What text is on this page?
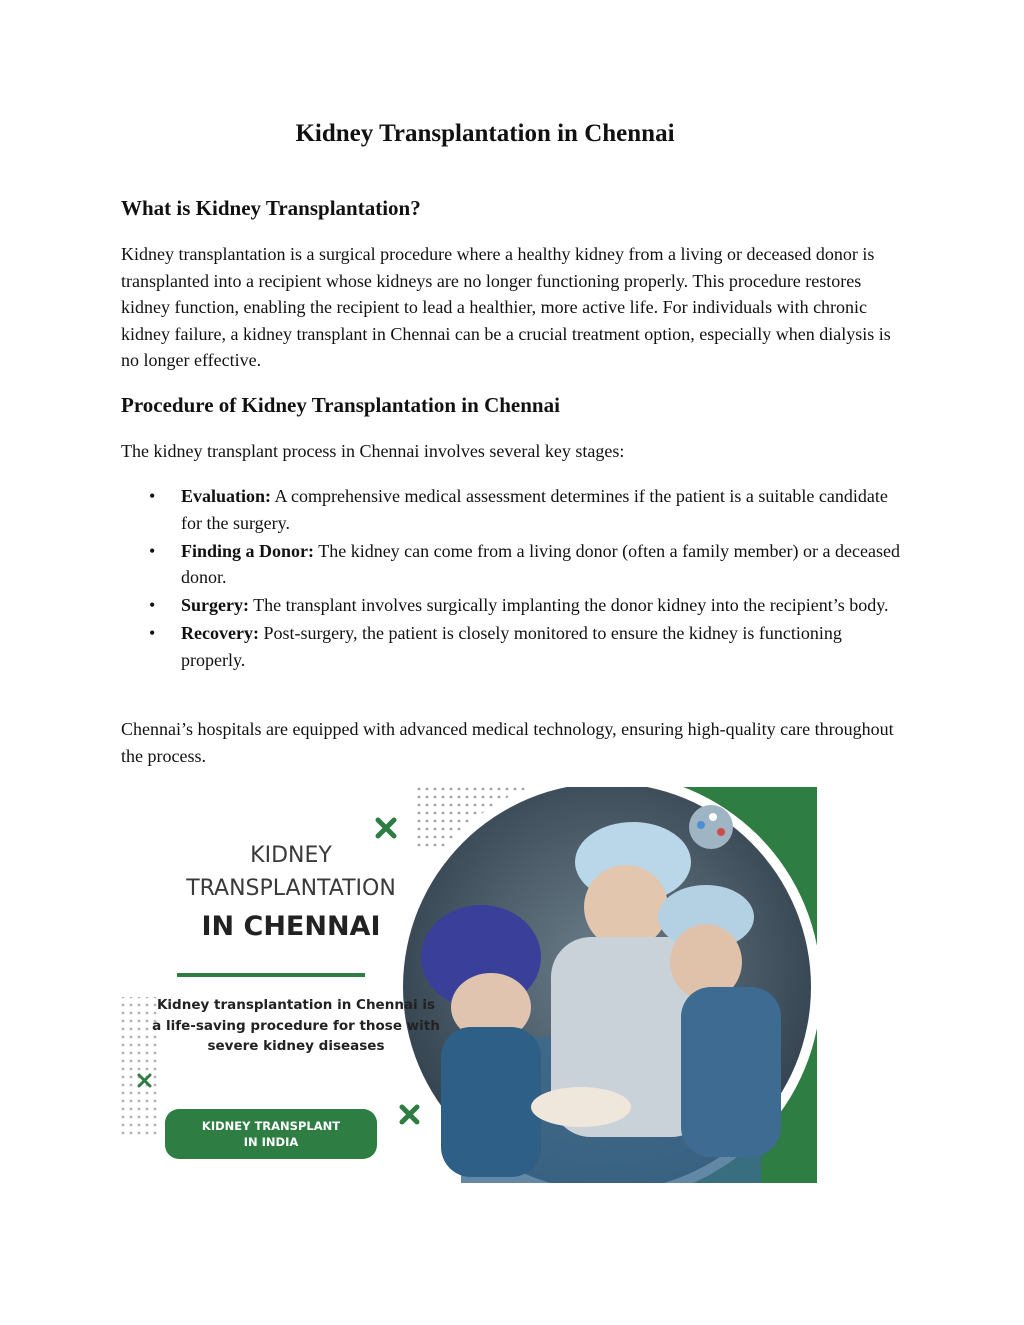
Kidney Transplantation in Chennai
What is Kidney Transplantation?
Kidney transplantation is a surgical procedure where a healthy kidney from a living or deceased donor is transplanted into a recipient whose kidneys are no longer functioning properly. This procedure restores kidney function, enabling the recipient to lead a healthier, more active life. For individuals with chronic kidney failure, a kidney transplant in Chennai can be a crucial treatment option, especially when dialysis is no longer effective.
Procedure of Kidney Transplantation in Chennai
The kidney transplant process in Chennai involves several key stages:
• Evaluation: A comprehensive medical assessment determines if the patient is a suitable candidate for the surgery.
• Finding a Donor: The kidney can come from a living donor (often a family member) or a deceased donor.
• Surgery: The transplant involves surgically implanting the donor kidney into the recipient’s body.
• Recovery: Post-surgery, the patient is closely monitored to ensure the kidney is functioning properly.
Chennai’s hospitals are equipped with advanced medical technology, ensuring high-quality care throughout the process.
KIDNEY
TRANSPLANTATION
IN CHENNAI
Kidney transplantation in Chennai is a life-saving procedure for those with severe kidney diseases
KIDNEY TRANSPLANT
IN INDIA
